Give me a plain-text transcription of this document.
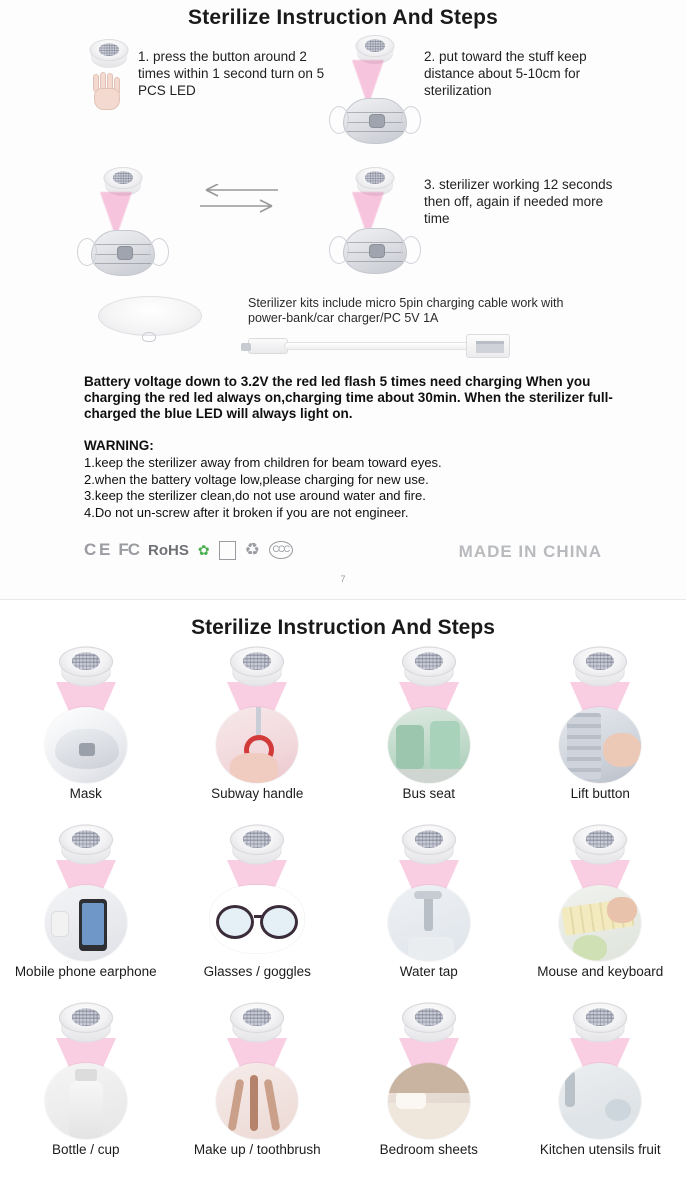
Sterilize Instruction And Steps
1. press the button around 2 times within 1 second turn on 5 PCS LED
2. put toward the stuff keep distance about 5-10cm for sterilization
3. sterilizer working 12 seconds then off, again if needed more time
Sterilizer kits include micro 5pin charging cable work with power-bank/car charger/PC 5V 1A
Battery voltage down to 3.2V the red led flash 5 times need charging When you charging the red led always on,charging time about 30min. When the sterilizer full-charged the blue LED will always light on.
WARNING:
1.keep the sterilizer away from children for beam toward eyes.
2.when the battery voltage low,please charging for new use.
3.keep the sterilizer clean,do not use around water and fire.
4.Do not un-screw after it broken if you are not engineer.
C E FC RoHS ✿ ♻	CCC	MADE IN CHINA
7
Sterilize Instruction And Steps
Mask	Subway handle	Bus seat	Lift button
Mobile phone earphone	Glasses / goggles	Water tap	Mouse and keyboard
Bottle / cup	Make up / toothbrush	Bedroom sheets	Kitchen utensils fruit
